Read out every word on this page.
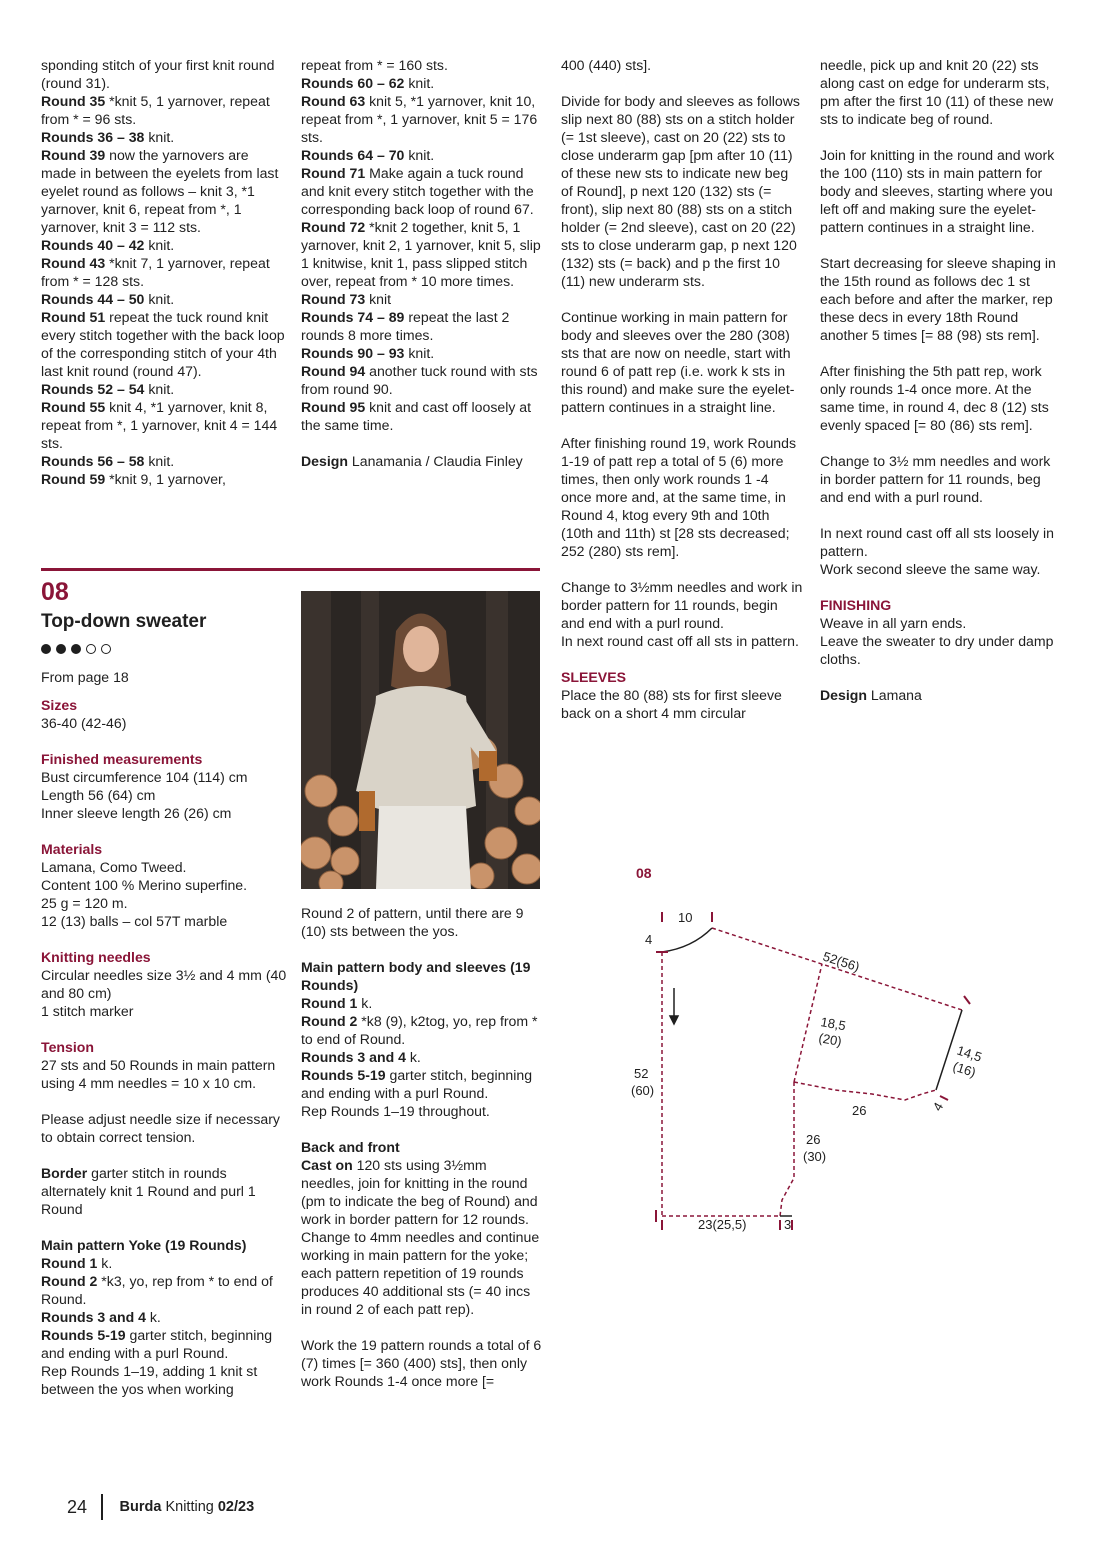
sponding stitch of your first knit round (round 31).

Round 35 *knit 5, 1 yarnover, repeat from * = 96 sts.

Rounds 36 – 38 knit.

Round 39 now the yarnovers are made in between the eyelets from last eyelet round as follows – knit 3, *1 yarnover, knit 6, repeat from *, 1 yarnover, knit 3 = 112 sts.

Rounds 40 – 42 knit.

Round 43 *knit 7, 1 yarnover, repeat from * = 128 sts.

Rounds 44 – 50 knit.

Round 51 repeat the tuck round knit every stitch together with the back loop of the corresponding stitch of your 4th last knit round (round 47).

Rounds 52 – 54 knit.

Round 55 knit 4, *1 yarnover, knit 8, repeat from *, 1 yarnover, knit 4 = 144 sts.

Rounds 56 – 58 knit.

Round 59 *knit 9, 1 yarnover,

repeat from * = 160 sts.

Rounds 60 – 62 knit.

Round 63 knit 5, *1 yarnover, knit 10, repeat from *, 1 yarnover, knit 5 = 176 sts.

Rounds 64 – 70 knit.

Round 71 Make again a tuck round and knit every stitch together with the corresponding back loop of round 67.

Round 72 *knit 2 together, knit 5, 1 yarnover, knit 2, 1 yarnover, knit 5, slip 1 knitwise, knit 1, pass slipped stitch over, repeat from * 10 more times.

Round 73 knit

Rounds 74 – 89 repeat the last 2 rounds 8 more times.

Rounds 90 – 93 knit.

Round 94 another tuck round with sts from round 90.

Round 95 knit and cast off loosely at the same time.

Design Lanamania / Claudia Finley

400 (440) sts].

Divide for body and sleeves as follows slip next 80 (88) sts on a stitch holder (= 1st sleeve), cast on 20 (22) sts to close underarm gap [pm after 10 (11) of these new sts to indicate new beg of Round], p next 120 (132) sts (= front), slip next 80 (88) sts on a stitch holder (= 2nd sleeve), cast on 20 (22) sts to close underarm gap, p next 120 (132) sts (= back) and p the first 10 (11) new underarm sts.

Continue working in main pattern for body and sleeves over the 280 (308) sts that are now on needle, start with round 6 of patt rep (i.e. work k sts in this round) and make sure the eyelet-pattern continues in a straight line.

After finishing round 19, work Rounds 1-19 of patt rep a total of 5 (6) more times, then only work rounds 1 -4 once more and, at the same time, in Round 4, ktog every 9th and 10th (10th and 11th) st [28 sts decreased; 252 (280) sts rem].

Change to 3½mm needles and work in border pattern for 11 rounds, begin and end with a purl round.

In next round cast off all sts in pattern.

SLEEVES

Place the 80 (88) sts for first sleeve back on a short 4 mm circular

needle, pick up and knit 20 (22) sts along cast on edge for underarm sts, pm after the first 10 (11) of these new sts to indicate beg of round.

Join for knitting in the round and work the 100 (110) sts in main pattern for body and sleeves, starting where you left off and making sure the eyelet-pattern continues in a straight line.

Start decreasing for sleeve shaping in the 15th round as follows dec 1 st each before and after the marker, rep these decs in every 18th Round another 5 times [= 88 (98) sts rem].

After finishing the 5th patt rep, work only rounds 1-4 once more. At the same time, in round 4, dec 8 (12) sts evenly spaced [= 80 (86) sts rem].

Change to 3½ mm needles and work in border pattern for 11 rounds, beg and end with a purl round.

In next round cast off all sts loosely in pattern.

Work second sleeve the same way.

FINISHING

Weave in all yarn ends.

Leave the sweater to dry under damp cloths.

Design Lamana

08
Top-down sweater
From page 18

Sizes

36-40 (42-46)

Finished measurements

Bust circumference 104 (114) cm

Length 56 (64) cm

Inner sleeve length 26 (26) cm

Materials

Lamana, Como Tweed.

Content 100 % Merino superfine.

25 g = 120 m.

12 (13) balls – col 57T marble

Knitting needles

Circular needles size 3½ and 4 mm (40 and 80 cm)

1 stitch marker

Tension

27 sts and 50 Rounds in main pattern using 4 mm needles = 10 x 10 cm.

Please adjust needle size if necessary to obtain correct tension.

Border garter stitch in rounds alternately knit 1 Round and purl 1 Round

Main pattern Yoke (19 Rounds)

Round 1 k.

Round 2 *k3, yo, rep from * to end of Round.

Rounds 3 and 4 k.

Rounds 5-19 garter stitch, beginning and ending with a purl Round.

Rep Rounds 1–19, adding 1 knit st between the yos when working

Round 2 of pattern, until there are 9 (10) sts between the yos.

Main pattern body and sleeves (19 Rounds)

Round 1 k.

Round 2 *k8 (9), k2tog, yo, rep from * to end of Round.

Rounds 3 and 4 k.

Rounds 5-19 garter stitch, beginning and ending with a purl Round.

Rep Rounds 1–19 throughout.

Back and front

Cast on 120 sts using 3½mm needles, join for knitting in the round (pm to indicate the beg of Round) and work in border pattern for 12 rounds.

Change to 4mm needles and continue working in main pattern for the yoke; each pattern repetition of 19 rounds produces 40 additional sts (= 40 incs in round 2 of each patt rep).

Work the 19 pattern rounds a total of 6 (7) times [= 360 (400) sts], then only work Rounds 1-4 once more [=

08
10
4
52(56)
18,5
(20)
14,5
(16)
4
26
52
(60)
26
(30)
23(25,5)	3
24 Burda Knitting 02/23
